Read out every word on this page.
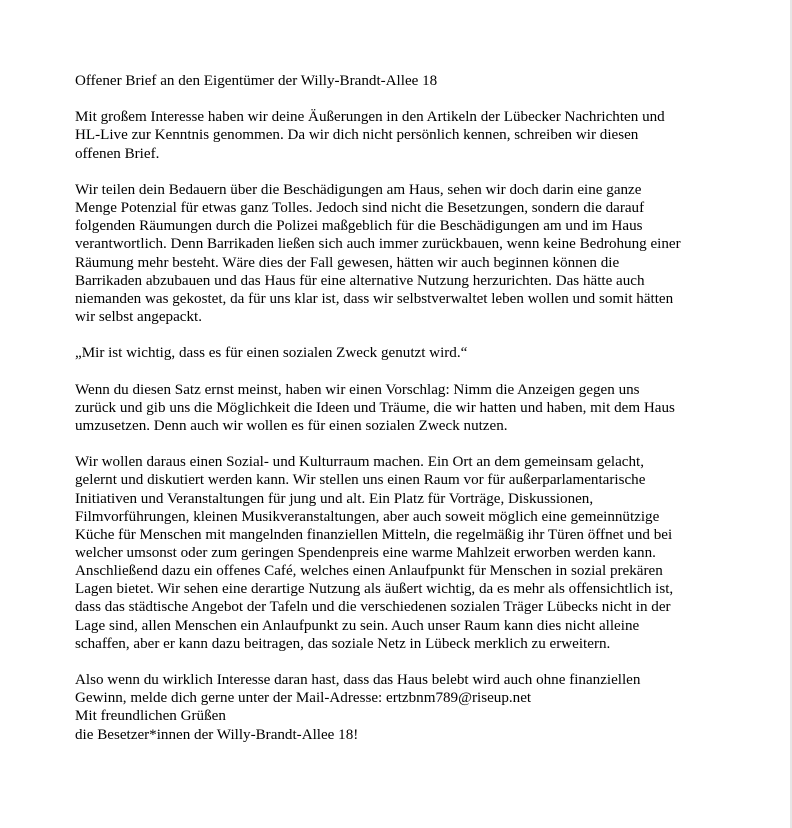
Offener Brief an den Eigentümer der Willy-Brandt-Allee 18

Mit großem Interesse haben wir deine Äußerungen in den Artikeln der Lübecker Nachrichten und
HL-Live zur Kenntnis genommen. Da wir dich nicht persönlich kennen, schreiben wir diesen
offenen Brief.

Wir teilen dein Bedauern über die Beschädigungen am Haus, sehen wir doch darin eine ganze
Menge Potenzial für etwas ganz Tolles. Jedoch sind nicht die Besetzungen, sondern die darauf
folgenden Räumungen durch die Polizei maßgeblich für die Beschädigungen am und im Haus
verantwortlich. Denn Barrikaden ließen sich auch immer zurückbauen, wenn keine Bedrohung einer
Räumung mehr besteht. Wäre dies der Fall gewesen, hätten wir auch beginnen können die
Barrikaden abzubauen und das Haus für eine alternative Nutzung herzurichten. Das hätte auch
niemanden was gekostet, da für uns klar ist, dass wir selbstverwaltet leben wollen und somit hätten
wir selbst angepackt.

„Mir ist wichtig, dass es für einen sozialen Zweck genutzt wird.“

Wenn du diesen Satz ernst meinst, haben wir einen Vorschlag: Nimm die Anzeigen gegen uns
zurück und gib uns die Möglichkeit die Ideen und Träume, die wir hatten und haben, mit dem Haus
umzusetzen. Denn auch wir wollen es für einen sozialen Zweck nutzen.

Wir wollen daraus einen Sozial- und Kulturraum machen. Ein Ort an dem gemeinsam gelacht,
gelernt und diskutiert werden kann. Wir stellen uns einen Raum vor für außerparlamentarische
Initiativen und Veranstaltungen für jung und alt. Ein Platz für Vorträge, Diskussionen,
Filmvorführungen, kleinen Musikveranstaltungen, aber auch soweit möglich eine gemeinnützige
Küche für Menschen mit mangelnden finanziellen Mitteln, die regelmäßig ihr Türen öffnet und bei
welcher umsonst oder zum geringen Spendenpreis eine warme Mahlzeit erworben werden kann.
Anschließend dazu ein offenes Café, welches einen Anlaufpunkt für Menschen in sozial prekären
Lagen bietet. Wir sehen eine derartige Nutzung als äußert wichtig, da es mehr als offensichtlich ist,
dass das städtische Angebot der Tafeln und die verschiedenen sozialen Träger Lübecks nicht in der
Lage sind, allen Menschen ein Anlaufpunkt zu sein. Auch unser Raum kann dies nicht alleine
schaffen, aber er kann dazu beitragen, das soziale Netz in Lübeck merklich zu erweitern.

Also wenn du wirklich Interesse daran hast, dass das Haus belebt wird auch ohne finanziellen
Gewinn, melde dich gerne unter der Mail-Adresse: ertzbnm789@riseup.net
Mit freundlichen Grüßen
die Besetzer*innen der Willy-Brandt-Allee 18!
